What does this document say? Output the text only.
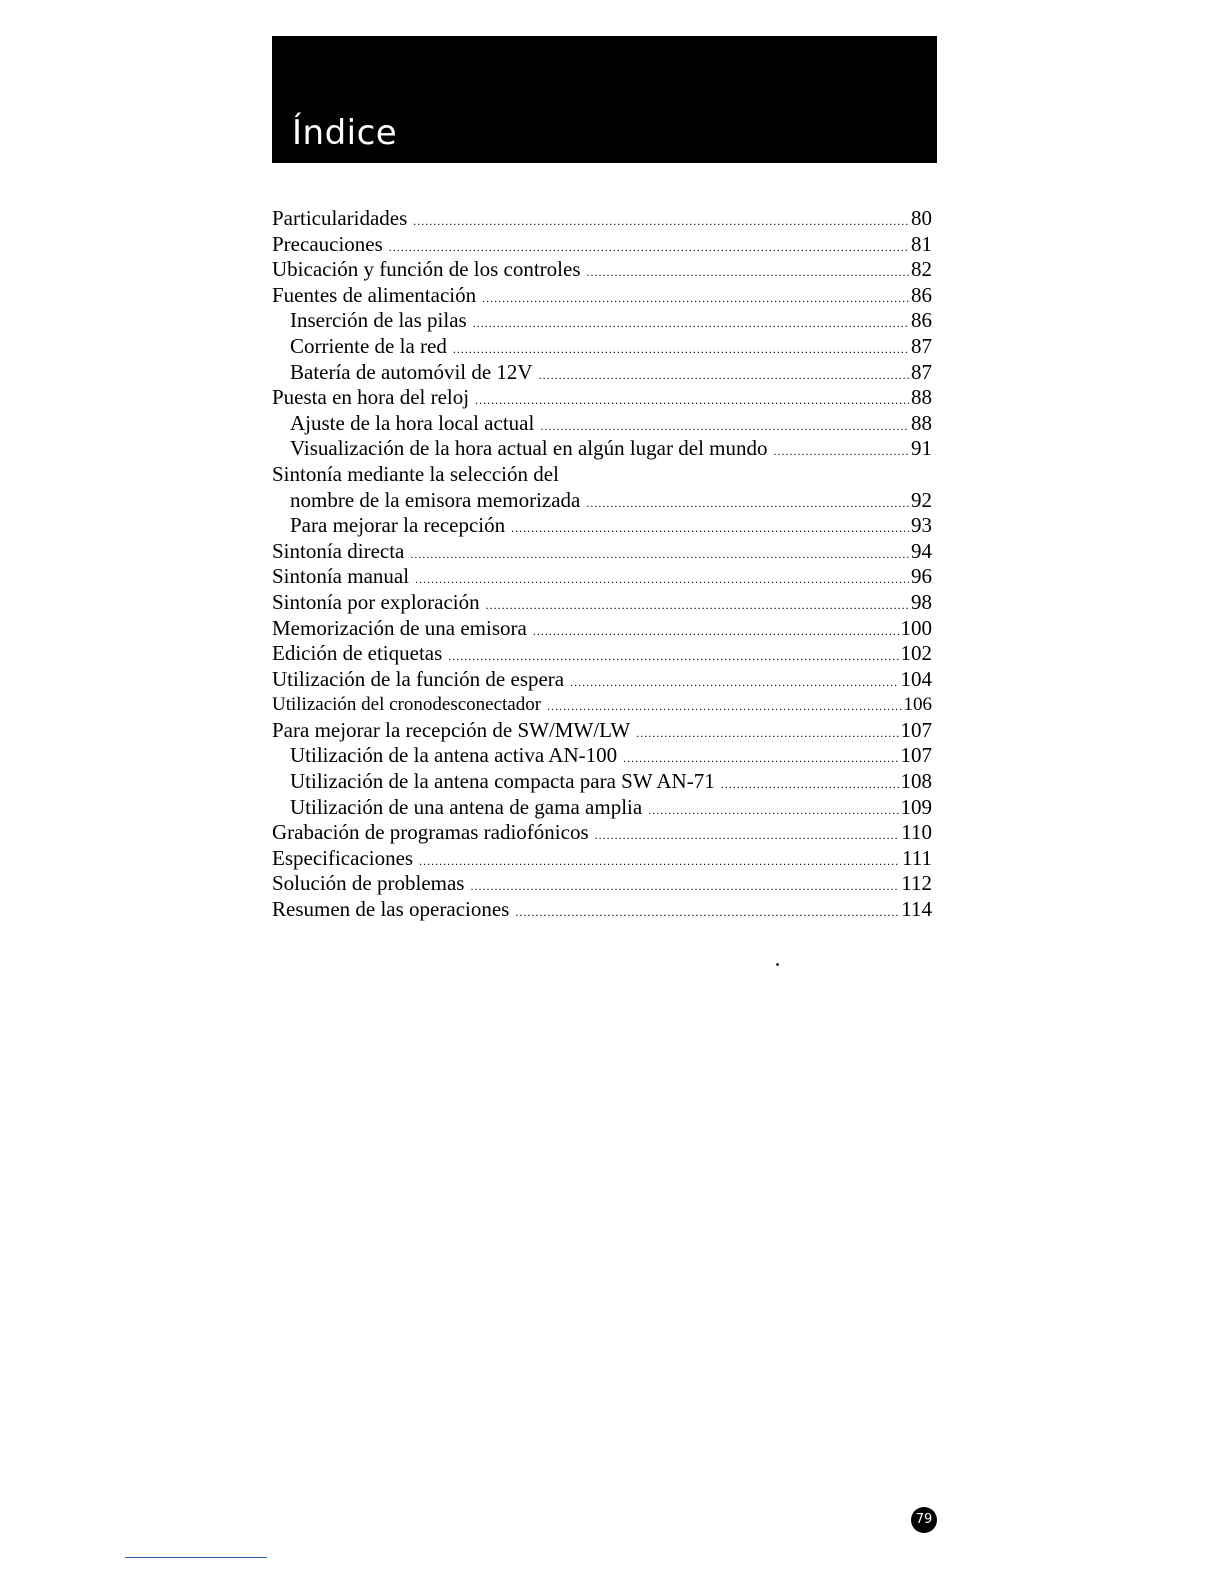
Índice
Particularidades .....	80
Precauciones .....	81
Ubicación y función de los controles .....	82
Fuentes de alimentación .....	86
Inserción de las pilas .....	86
Corriente de la red .....	87
Batería de automóvil de 12V .....	87
Puesta en hora del reloj .....	88
Ajuste de la hora local actual .....	88
Visualización de la hora actual en algún lugar del mundo .....	91
Sintonía mediante la selección del
nombre de la emisora memorizada .....	92
Para mejorar la recepción .....	93
Sintonía directa .....	94
Sintonía manual .....	96
Sintonía por exploración .....	98
Memorización de una emisora .....	100
Edición de etiquetas .....	102
Utilización de la función de espera .....	104
Utilización del cronodesconectador .....	106
Para mejorar la recepción de SW/MW/LW .....	107
Utilización de la antena activa AN-100 .....	107
Utilización de la antena compacta para SW AN-71 .....	108
Utilización de una antena de gama amplia .....	109
Grabación de programas radiofónicos .....	110
Especificaciones .....	111
Solución de problemas .....	112
Resumen de las operaciones .....	114
79
